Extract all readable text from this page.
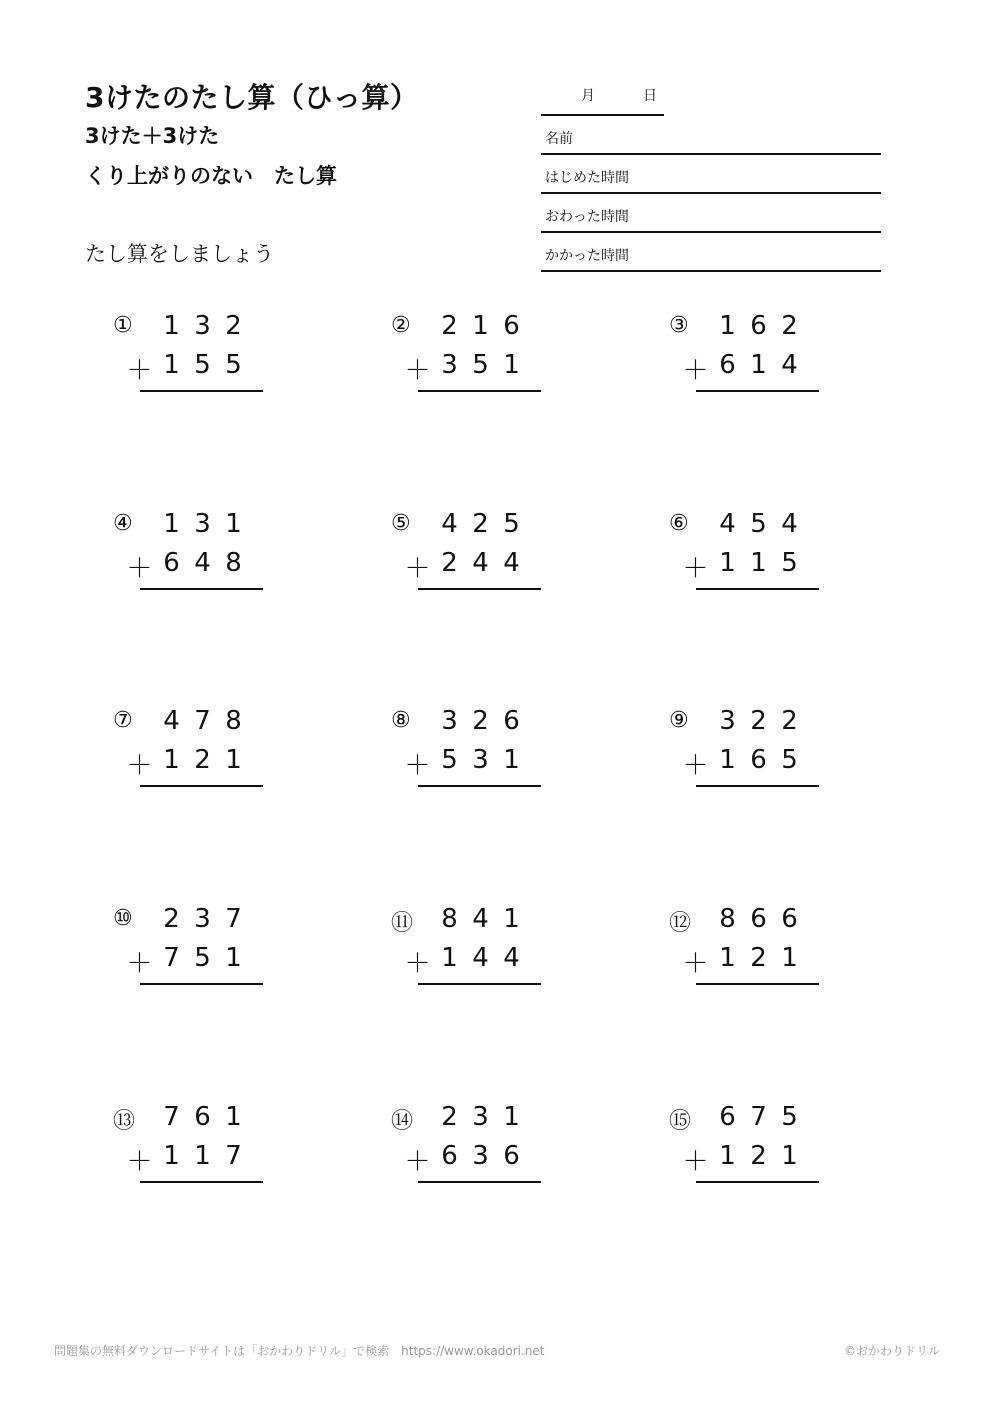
3けたのたし算（ひっ算）
3けた＋3けた
くり上がりのない　たし算
たし算をしましょう
月	日
名前
はじめた時間
おわった時間
かかった時間
① 1 3 2
＋ 1 5 5
② 2 1 6
＋ 3 5 1
③ 1 6 2
＋ 6 1 4
④ 1 3 1
＋ 6 4 8
⑤ 4 2 5
＋ 2 4 4
⑥ 4 5 4
＋ 1 1 5
⑦ 4 7 8
＋ 1 2 1
⑧ 3 2 6
＋ 5 3 1
⑨ 3 2 2
＋ 1 6 5
⑩ 2 3 7
＋ 7 5 1
⑪ 8 4 1
＋ 1 4 4
⑫ 8 6 6
＋ 1 2 1
⑬ 7 6 1
＋ 1 1 7
⑭ 2 3 1
＋ 6 3 6
⑮ 6 7 5
＋ 1 2 1
問題集の無料ダウンロードサイトは「おかわりドリル」で検索　https://www.okadori.net	©おかわりドリル
